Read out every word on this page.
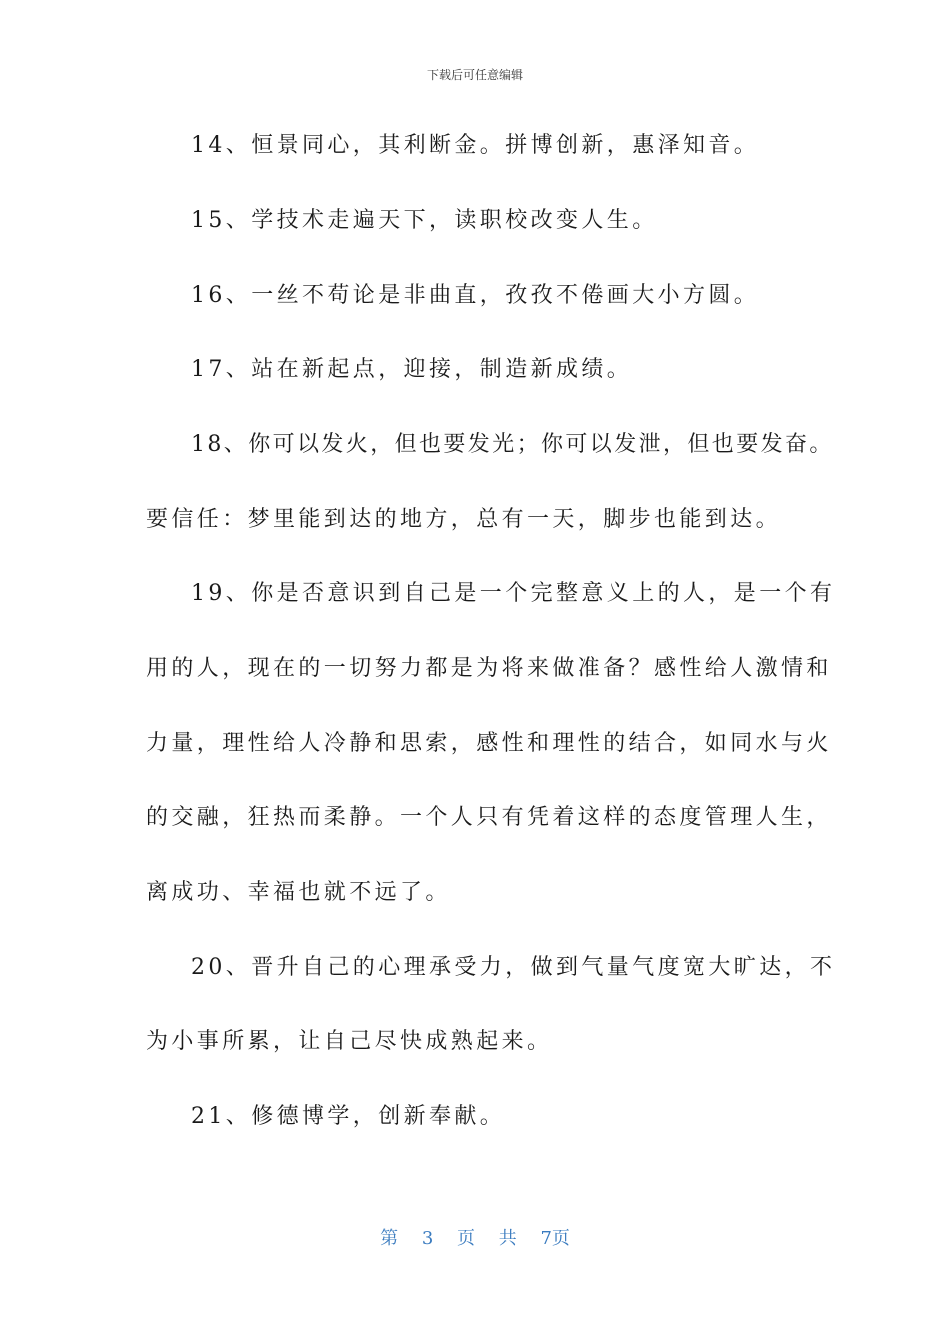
下载后可任意编辑
14、恒景同心，其利断金。拼博创新，惠泽知音。
15、学技术走遍天下，读职校改变人生。
16、一丝不苟论是非曲直，孜孜不倦画大小方圆。
17、站在新起点，迎接，制造新成绩。
18、你可以发火，但也要发光；你可以发泄，但也要发奋。
要信任：梦里能到达的地方，总有一天，脚步也能到达。
19、你是否意识到自己是一个完整意义上的人，是一个有
用的人，现在的一切努力都是为将来做准备？感性给人激情和
力量，理性给人冷静和思索，感性和理性的结合，如同水与火
的交融，狂热而柔静。一个人只有凭着这样的态度管理人生，
离成功、幸福也就不远了。
20、晋升自己的心理承受力，做到气量气度宽大旷达，不
为小事所累，让自己尽快成熟起来。
21、修德博学，创新奉献。
第 3 页 共 7页
